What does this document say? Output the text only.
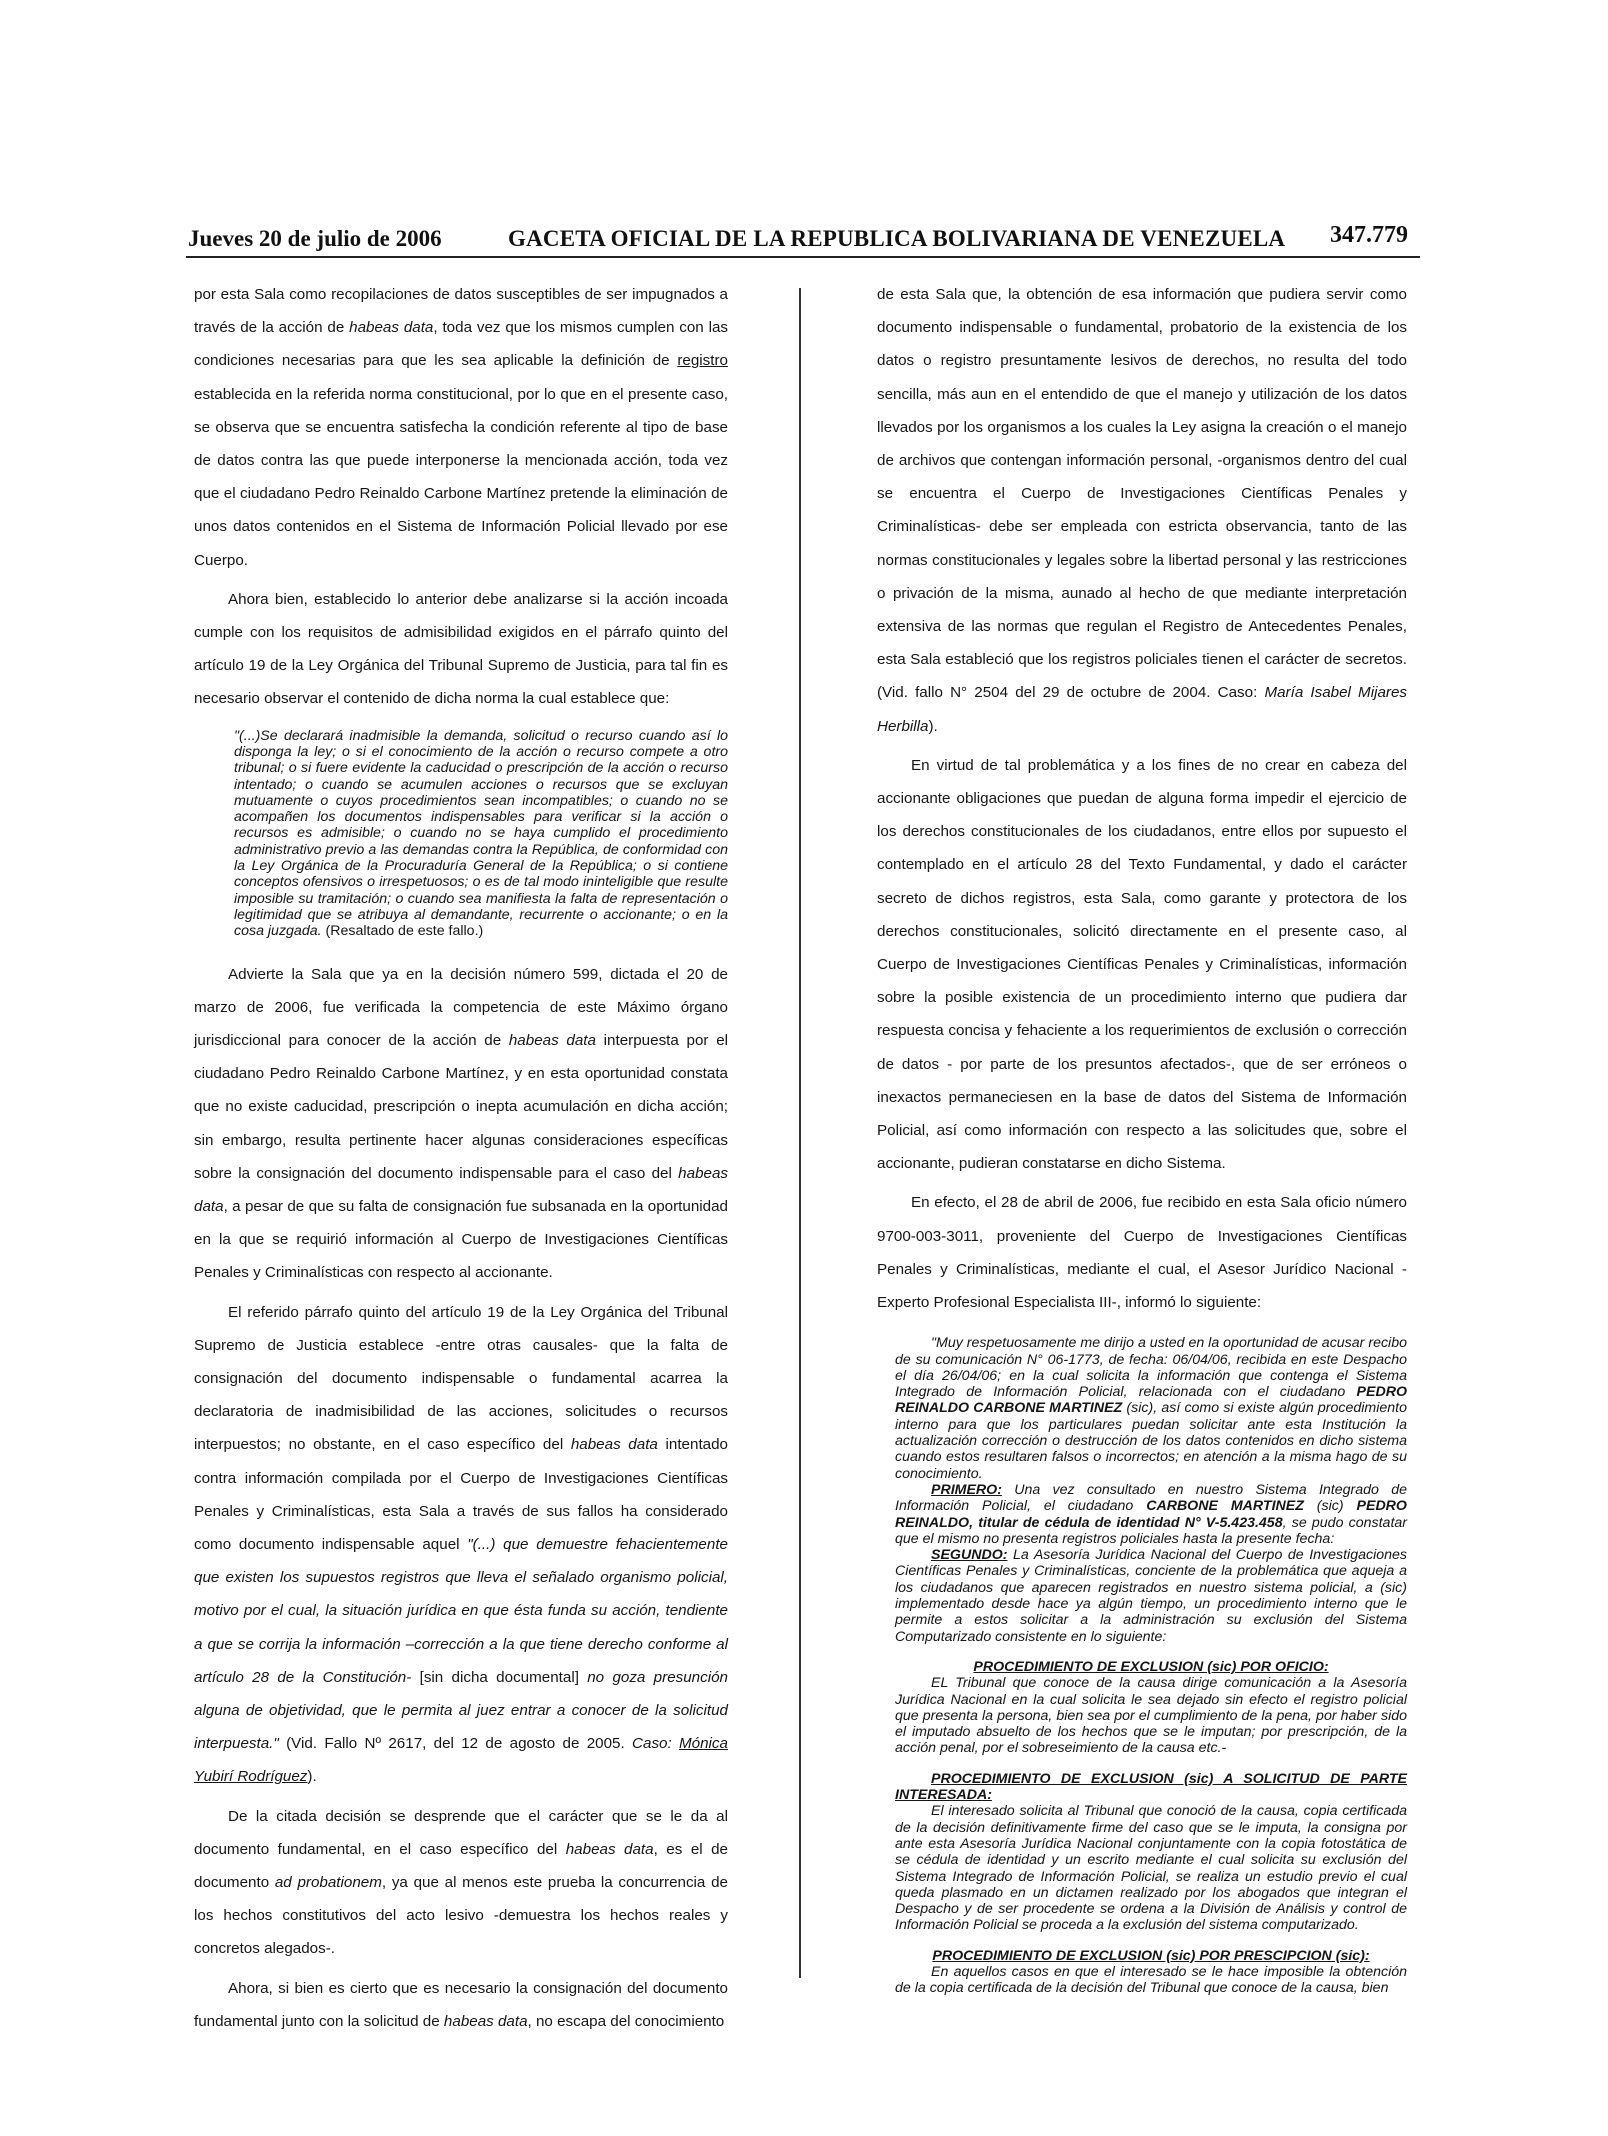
Jueves 20 de julio de 2006	GACETA OFICIAL DE LA REPUBLICA BOLIVARIANA DE VENEZUELA 347.779

por esta Sala como recopilaciones de datos susceptibles de ser impugnados a través de la acción de habeas data, toda vez que los mismos cumplen con las condiciones necesarias para que les sea aplicable la definición de registro establecida en la referida norma constitucional, por lo que en el presente caso, se observa que se encuentra satisfecha la condición referente al tipo de base de datos contra las que puede interponerse la mencionada acción, toda vez que el ciudadano Pedro Reinaldo Carbone Martínez pretende la eliminación de unos datos contenidos en el Sistema de Información Policial llevado por ese Cuerpo.

Ahora bien, establecido lo anterior debe analizarse si la acción incoada cumple con los requisitos de admisibilidad exigidos en el párrafo quinto del artículo 19 de la Ley Orgánica del Tribunal Supremo de Justicia, para tal fin es necesario observar el contenido de dicha norma la cual establece que:

"(...)Se declarará inadmisible la demanda, solicitud o recurso cuando así lo disponga la ley; o si el conocimiento de la acción o recurso compete a otro tribunal; o si fuere evidente la caducidad o prescripción de la acción o recurso intentado; o cuando se acumulen acciones o recursos que se excluyan mutuamente o cuyos procedimientos sean incompatibles; o cuando no se acompañen los documentos indispensables para verificar si la acción o recursos es admisible; o cuando no se haya cumplido el procedimiento administrativo previo a las demandas contra la República, de conformidad con la Ley Orgánica de la Procuraduría General de la República; o si contiene conceptos ofensivos o irrespetuosos; o es de tal modo ininteligible que resulte imposible su tramitación; o cuando sea manifiesta la falta de representación o legitimidad que se atribuya al demandante, recurrente o accionante; o en la cosa juzgada. (Resaltado de este fallo.)

Advierte la Sala que ya en la decisión número 599, dictada el 20 de marzo de 2006, fue verificada la competencia de este Máximo órgano jurisdiccional para conocer de la acción de habeas data interpuesta por el ciudadano Pedro Reinaldo Carbone Martínez, y en esta oportunidad constata que no existe caducidad, prescripción o inepta acumulación en dicha acción; sin embargo, resulta pertinente hacer algunas consideraciones específicas sobre la consignación del documento indispensable para el caso del habeas data, a pesar de que su falta de consignación fue subsanada en la oportunidad en la que se requirió información al Cuerpo de Investigaciones Científicas Penales y Criminalísticas con respecto al accionante.

El referido párrafo quinto del artículo 19 de la Ley Orgánica del Tribunal Supremo de Justicia establece -entre otras causales- que la falta de consignación del documento indispensable o fundamental acarrea la declaratoria de inadmisibilidad de las acciones, solicitudes o recursos interpuestos; no obstante, en el caso específico del habeas data intentado contra información compilada por el Cuerpo de Investigaciones Científicas Penales y Criminalísticas, esta Sala a través de sus fallos ha considerado como documento indispensable aquel "(...) que demuestre fehacientemente que existen los supuestos registros que lleva el señalado organismo policial, motivo por el cual, la situación jurídica en que ésta funda su acción, tendiente a que se corrija la información –corrección a la que tiene derecho conforme al artículo 28 de la Constitución- [sin dicha documental] no goza presunción alguna de objetividad, que le permita al juez entrar a conocer de la solicitud interpuesta." (Vid. Fallo Nº 2617, del 12 de agosto de 2005. Caso: Mónica Yubirí Rodríguez).

De la citada decisión se desprende que el carácter que se le da al documento fundamental, en el caso específico del habeas data, es el de documento ad probationem, ya que al menos este prueba la concurrencia de los hechos constitutivos del acto lesivo -demuestra los hechos reales y concretos alegados-.

Ahora, si bien es cierto que es necesario la consignación del documento fundamental junto con la solicitud de habeas data, no escapa del conocimiento

de esta Sala que, la obtención de esa información que pudiera servir como documento indispensable o fundamental, probatorio de la existencia de los datos o registro presuntamente lesivos de derechos, no resulta del todo sencilla, más aun en el entendido de que el manejo y utilización de los datos llevados por los organismos a los cuales la Ley asigna la creación o el manejo de archivos que contengan información personal, -organismos dentro del cual se encuentra el Cuerpo de Investigaciones Científicas Penales y Criminalísticas- debe ser empleada con estricta observancia, tanto de las normas constitucionales y legales sobre la libertad personal y las restricciones o privación de la misma, aunado al hecho de que mediante interpretación extensiva de las normas que regulan el Registro de Antecedentes Penales, esta Sala estableció que los registros policiales tienen el carácter de secretos. (Vid. fallo N° 2504 del 29 de octubre de 2004. Caso: María Isabel Mijares Herbilla).

En virtud de tal problemática y a los fines de no crear en cabeza del accionante obligaciones que puedan de alguna forma impedir el ejercicio de los derechos constitucionales de los ciudadanos, entre ellos por supuesto el contemplado en el artículo 28 del Texto Fundamental, y dado el carácter secreto de dichos registros, esta Sala, como garante y protectora de los derechos constitucionales, solicitó directamente en el presente caso, al Cuerpo de Investigaciones Científicas Penales y Criminalísticas, información sobre la posible existencia de un procedimiento interno que pudiera dar respuesta concisa y fehaciente a los requerimientos de exclusión o corrección de datos - por parte de los presuntos afectados-, que de ser erróneos o inexactos permaneciesen en la base de datos del Sistema de Información Policial, así como información con respecto a las solicitudes que, sobre el accionante, pudieran constatarse en dicho Sistema.

En efecto, el 28 de abril de 2006, fue recibido en esta Sala oficio número 9700-003-3011, proveniente del Cuerpo de Investigaciones Científicas Penales y Criminalísticas, mediante el cual, el Asesor Jurídico Nacional -Experto Profesional Especialista III-, informó lo siguiente:

"Muy respetuosamente me dirijo a usted en la oportunidad de acusar recibo de su comunicación N° 06-1773, de fecha: 06/04/06, recibida en este Despacho el día 26/04/06; en la cual solicita la información que contenga el Sistema Integrado de Información Policial, relacionada con el ciudadano PEDRO REINALDO CARBONE MARTINEZ (sic), así como si existe algún procedimiento interno para que los particulares puedan solicitar ante esta Institución la actualización corrección o destrucción de los datos contenidos en dicho sistema cuando estos resultaren falsos o incorrectos; en atención a la misma hago de su conocimiento.

PRIMERO: Una vez consultado en nuestro Sistema Integrado de Información Policial, el ciudadano CARBONE MARTINEZ (sic) PEDRO REINALDO, titular de cédula de identidad N° V-5.423.458, se pudo constatar que el mismo no presenta registros policiales hasta la presente fecha:

SEGUNDO: La Asesoría Jurídica Nacional del Cuerpo de Investigaciones Científicas Penales y Criminalísticas, conciente de la problemática que aqueja a los ciudadanos que aparecen registrados en nuestro sistema policial, a (sic) implementado desde hace ya algún tiempo, un procedimiento interno que le permite a estos solicitar a la administración su exclusión del Sistema Computarizado consistente en lo siguiente:

PROCEDIMIENTO DE EXCLUSION (sic) POR OFICIO:

EL Tribunal que conoce de la causa dirige comunicación a la Asesoría Jurídica Nacional en la cual solicita le sea dejado sin efecto el registro policial que presenta la persona, bien sea por el cumplimiento de la pena, por haber sido el imputado absuelto de los hechos que se le imputan; por prescripción, de la acción penal, por el sobreseimiento de la causa etc.-

PROCEDIMIENTO DE EXCLUSION (sic) A SOLICITUD DE PARTE INTERESADA:

El interesado solicita al Tribunal que conoció de la causa, copia certificada de la decisión definitivamente firme del caso que se le imputa, la consigna por ante esta Asesoría Jurídica Nacional conjuntamente con la copia fotostática de se cédula de identidad y un escrito mediante el cual solicita su exclusión del Sistema Integrado de Información Policial, se realiza un estudio previo el cual queda plasmado en un dictamen realizado por los abogados que integran el Despacho y de ser procedente se ordena a la División de Análisis y control de Información Policial se proceda a la exclusión del sistema computarizado.

PROCEDIMIENTO DE EXCLUSION (sic) POR PRESCIPCION (sic):

En aquellos casos en que el interesado se le hace imposible la obtención de la copia certificada de la decisión del Tribunal que conoce de la causa, bien
